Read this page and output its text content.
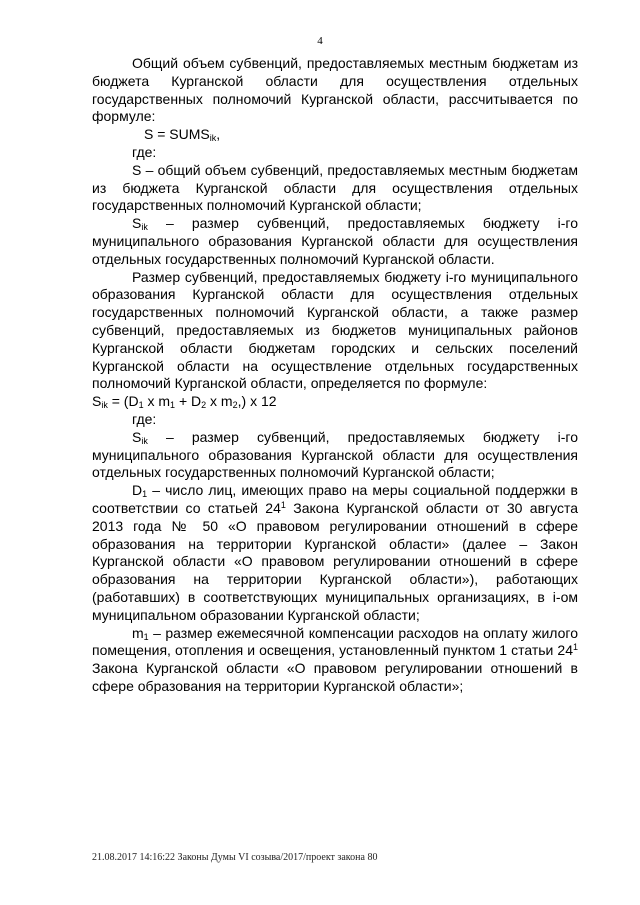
4

Общий объем субвенций, предоставляемых местным бюджетам из бюджета Курганской области для осуществления отдельных государственных полномочий Курганской области, рассчитывается по формуле:

$S = SUMS_{ik}$,

где:

S – общий объем субвенций, предоставляемых местным бюджетам из бюджета Курганской области для осуществления отдельных государственных полномочий Курганской области;

$S_{ik}$ – размер субвенций, предоставляемых бюджету i-го муниципального образования Курганской области для осуществления отдельных государственных полномочий Курганской области.

Размер субвенций, предоставляемых бюджету i-го муниципального образования Курганской области для осуществления отдельных государственных полномочий Курганской области, а также размер субвенций, предоставляемых из бюджетов муниципальных районов Курганской области бюджетам городских и сельских поселений Курганской области на осуществление отдельных государственных полномочий Курганской области, определяется по формуле:

$S_{ik} = (D_1$ x $m_1 + D_2$ x $m_2$,) x 12

где:

$S_{ik}$ – размер субвенций, предоставляемых бюджету i-го муниципального образования Курганской области для осуществления отдельных государственных полномочий Курганской области;

$D_1$ – число лиц, имеющих право на меры социальной поддержки в соответствии со статьей $24^1$ Закона Курганской области от 30 августа 2013 года № 50 «О правовом регулировании отношений в сфере образования на территории Курганской области» (далее – Закон Курганской области «О правовом регулировании отношений в сфере образования на территории Курганской области»), работающих (работавших) в соответствующих муниципальных организациях, в i-ом муниципальном образовании Курганской области;

$m_1$ – размер ежемесячной компенсации расходов на оплату жилого помещения, отопления и освещения, установленный пунктом 1 статьи $24^1$ Закона Курганской области «О правовом регулировании отношений в сфере образования на территории Курганской области»;

21.08.2017 14:16:22 Законы Думы VI созыва/2017/проект закона 80
